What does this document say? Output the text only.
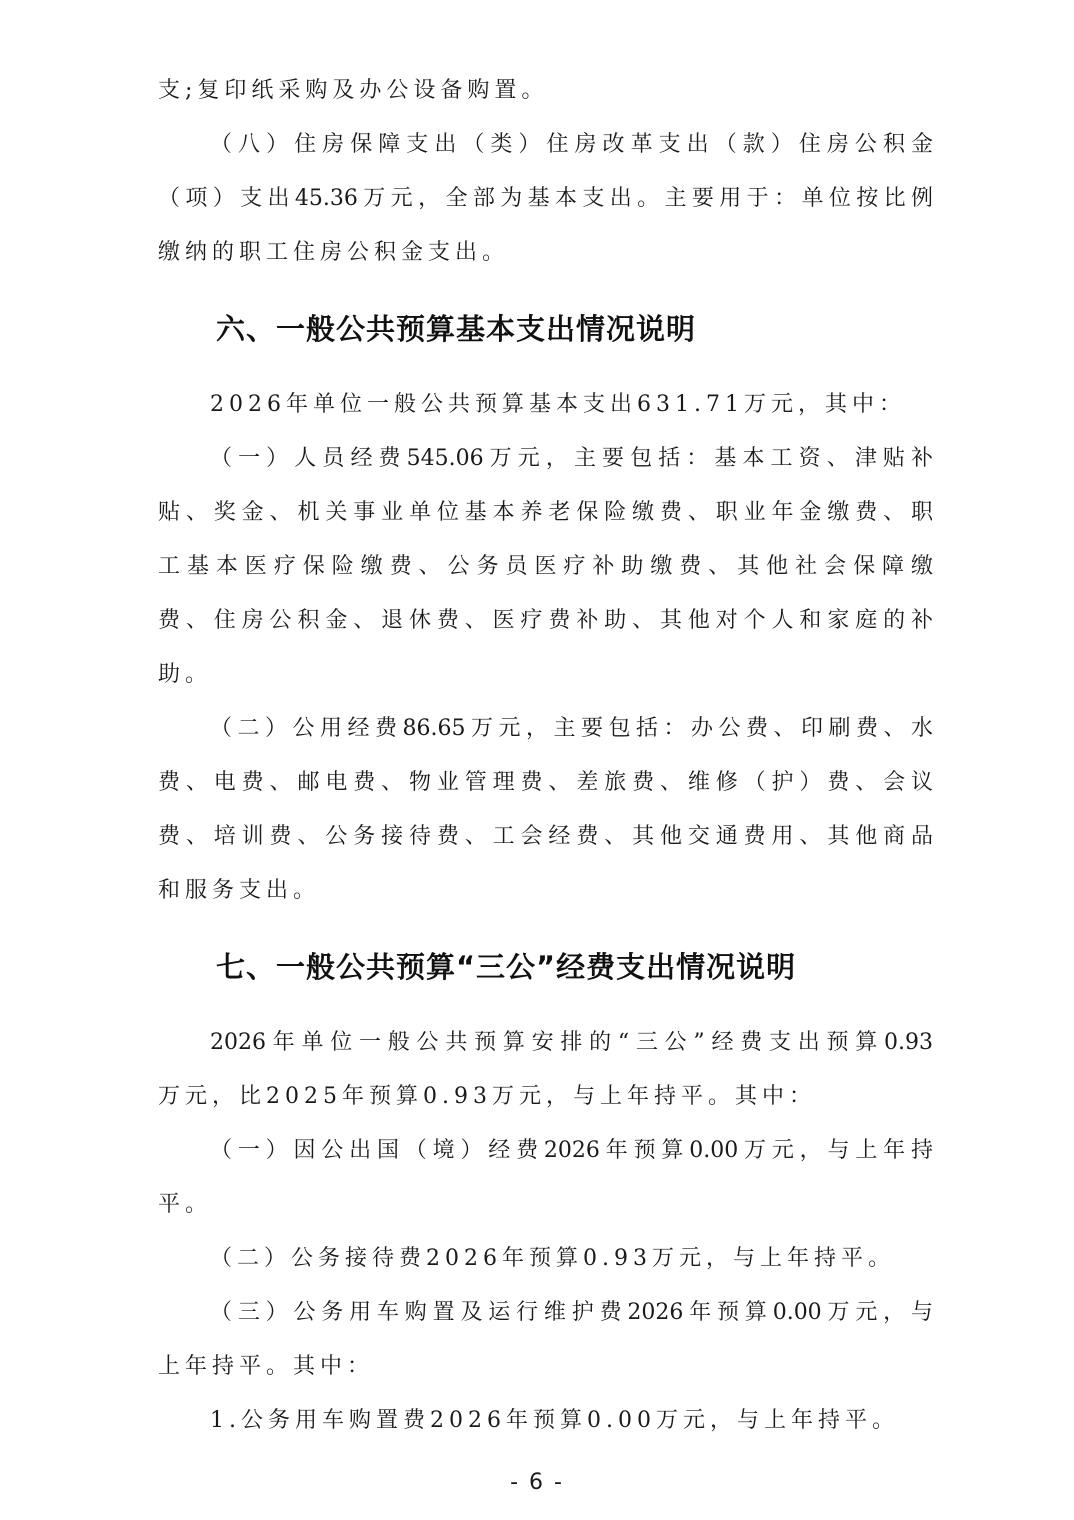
支;复印纸采购及办公设备购置。
（八）住房保障支出（类）住房改革支出（款）住房公积金
（项）支出45.36万元，全部为基本支出。主要用于：单位按比例
缴纳的职工住房公积金支出。
六、一般公共预算基本支出情况说明
2026年单位一般公共预算基本支出631.71万元，其中：
（一）人员经费545.06万元，主要包括：基本工资、津贴补
贴、奖金、机关事业单位基本养老保险缴费、职业年金缴费、职
工基本医疗保险缴费、公务员医疗补助缴费、其他社会保障缴
费、住房公积金、退休费、医疗费补助、其他对个人和家庭的补
助。
（二）公用经费86.65万元，主要包括：办公费、印刷费、水
费、电费、邮电费、物业管理费、差旅费、维修（护）费、会议
费、培训费、公务接待费、工会经费、其他交通费用、其他商品
和服务支出。
七、一般公共预算“三公”经费支出情况说明
2026年单位一般公共预算安排的“三公”经费支出预算0.93
万元，比2025年预算0.93万元，与上年持平。其中：
（一）因公出国（境）经费2026年预算0.00万元，与上年持
平。
（二）公务接待费2026年预算0.93万元，与上年持平。
（三）公务用车购置及运行维护费2026年预算0.00万元，与
上年持平。其中：
1.公务用车购置费2026年预算0.00万元，与上年持平。
- 6 -
